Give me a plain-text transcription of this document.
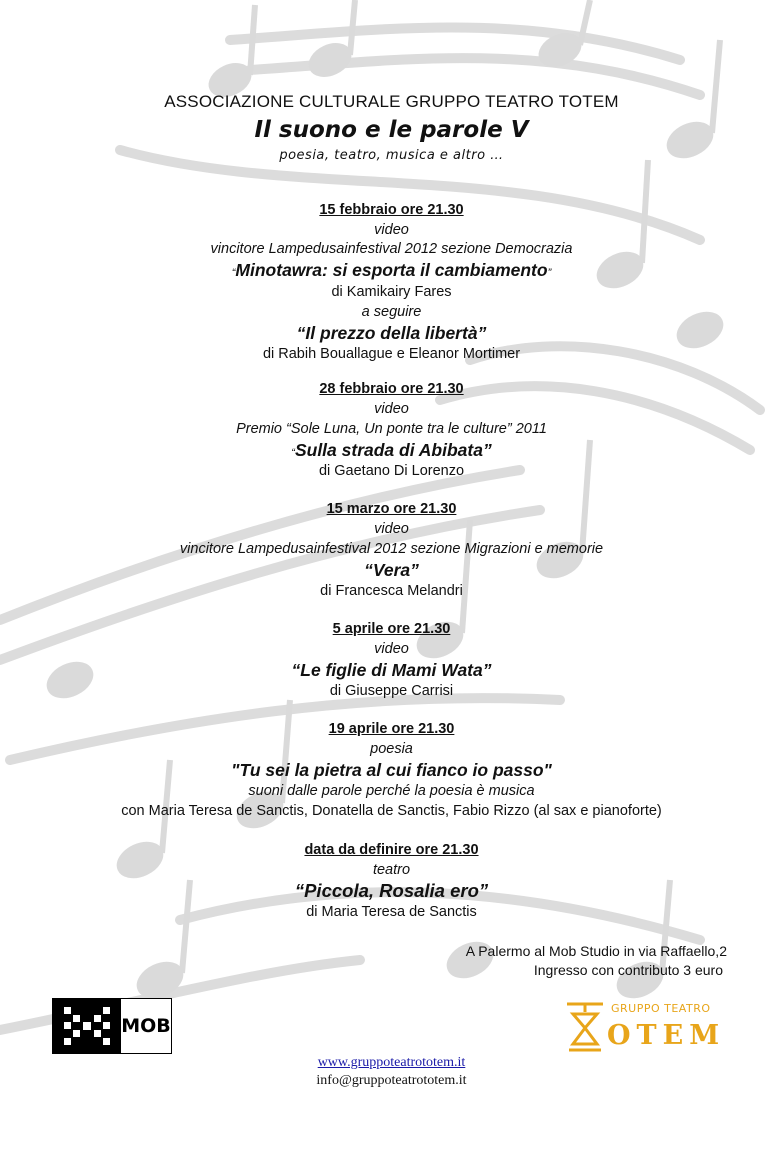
ASSOCIAZIONE CULTURALE GRUPPO TEATRO TOTEM
Il suono e le parole V
poesia, teatro, musica e altro …
15 febbraio ore 21.30
video
vincitore Lampedusainfestival 2012 sezione Democrazia
“Minotawra: si esporta il cambiamento”
di Kamikairy Fares
a seguire
“Il prezzo della libertà”
di Rabih Bouallague e Eleanor Mortimer
28 febbraio ore 21.30
video
Premio “Sole Luna, Un ponte tra le culture” 2011
“Sulla strada di Abibata”
di Gaetano Di Lorenzo
15 marzo ore 21.30
video
vincitore Lampedusainfestival 2012 sezione Migrazioni e memorie
“Vera”
di Francesca Melandri
5 aprile ore 21.30
video
“Le figlie di Mami Wata”
di Giuseppe Carrisi
19 aprile ore 21.30
poesia
"Tu sei la pietra al cui fianco io passo"
suoni dalle parole perché la poesia è musica
con Maria Teresa de Sanctis, Donatella de Sanctis, Fabio Rizzo (al sax e pianoforte)
data da definire ore 21.30
teatro
“Piccola, Rosalia ero”
di Maria Teresa de Sanctis
A Palermo al Mob Studio in via Raffaello,2
Ingresso con contributo 3 euro
MOB
GRUPPO TEATRO
OTEM
www.gruppoteatrototem.it
info@gruppoteatrototem.it
